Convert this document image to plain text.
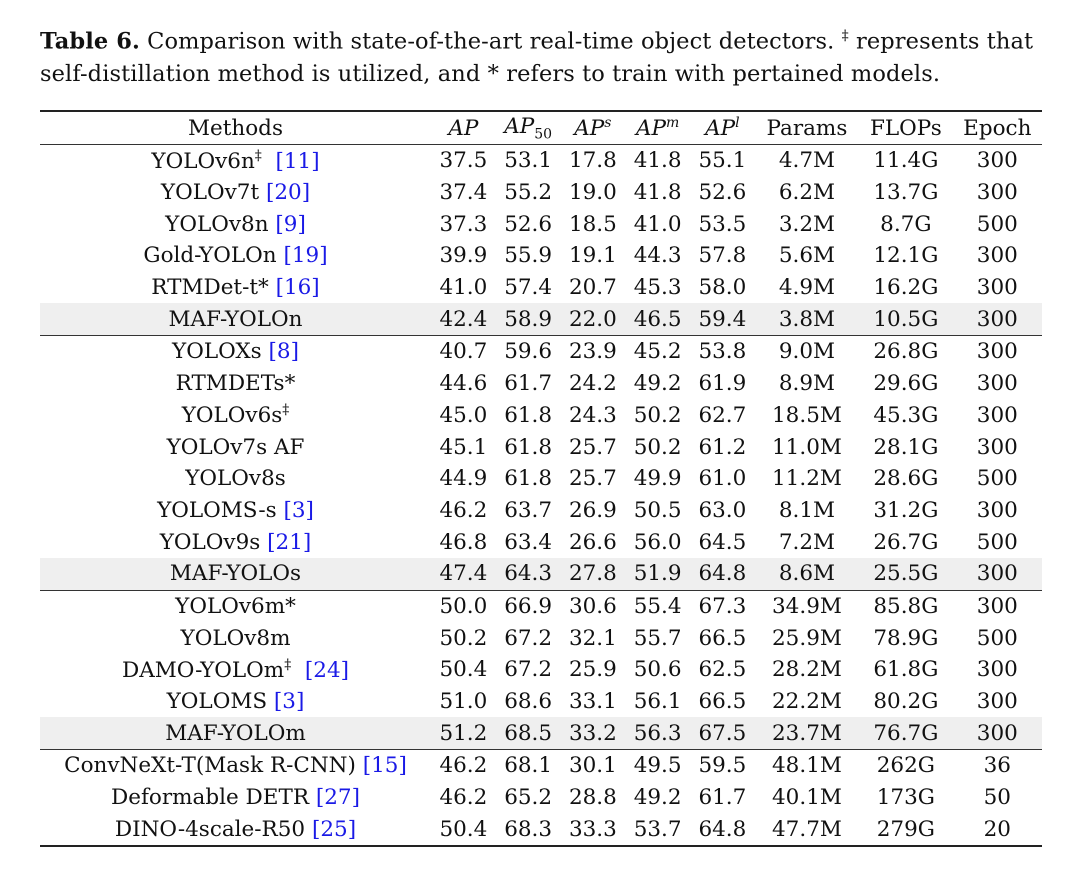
Table 6. Comparison with state-of-the-art real-time object detectors. ‡ represents that self-distillation method is utilized, and * refers to train with pertained models.
Methods	AP	$AP_{50}$	$AP^s$	$AP^m$	$AP^l$	Params	FLOPs	Epoch
YOLOv6n‡ [11]	37.5	53.1	17.8	41.8	55.1	4.7M	11.4G	300
YOLOv7t [20]	37.4	55.2	19.0	41.8	52.6	6.2M	13.7G	300
YOLOv8n [9]	37.3	52.6	18.5	41.0	53.5	3.2M	8.7G	500
Gold-YOLOn [19]	39.9	55.9	19.1	44.3	57.8	5.6M	12.1G	300
RTMDet-t* [16]	41.0	57.4	20.7	45.3	58.0	4.9M	16.2G	300
MAF-YOLOn	42.4	58.9	22.0	46.5	59.4	3.8M	10.5G	300
YOLOXs [8]	40.7	59.6	23.9	45.2	53.8	9.0M	26.8G	300
RTMDETs*	44.6	61.7	24.2	49.2	61.9	8.9M	29.6G	300
YOLOv6s‡	45.0	61.8	24.3	50.2	62.7	18.5M	45.3G	300
YOLOv7s AF	45.1	61.8	25.7	50.2	61.2	11.0M	28.1G	300
YOLOv8s	44.9	61.8	25.7	49.9	61.0	11.2M	28.6G	500
YOLOMS-s [3]	46.2	63.7	26.9	50.5	63.0	8.1M	31.2G	300
YOLOv9s [21]	46.8	63.4	26.6	56.0	64.5	7.2M	26.7G	500
MAF-YOLOs	47.4	64.3	27.8	51.9	64.8	8.6M	25.5G	300
YOLOv6m*	50.0	66.9	30.6	55.4	67.3	34.9M	85.8G	300
YOLOv8m	50.2	67.2	32.1	55.7	66.5	25.9M	78.9G	500
DAMO-YOLOm‡ [24]	50.4	67.2	25.9	50.6	62.5	28.2M	61.8G	300
YOLOMS [3]	51.0	68.6	33.1	56.1	66.5	22.2M	80.2G	300
MAF-YOLOm	51.2	68.5	33.2	56.3	67.5	23.7M	76.7G	300
ConvNeXt-T(Mask R-CNN) [15]	46.2	68.1	30.1	49.5	59.5	48.1M	262G	36
Deformable DETR [27]	46.2	65.2	28.8	49.2	61.7	40.1M	173G	50
DINO-4scale-R50 [25]	50.4	68.3	33.3	53.7	64.8	47.7M	279G	20
